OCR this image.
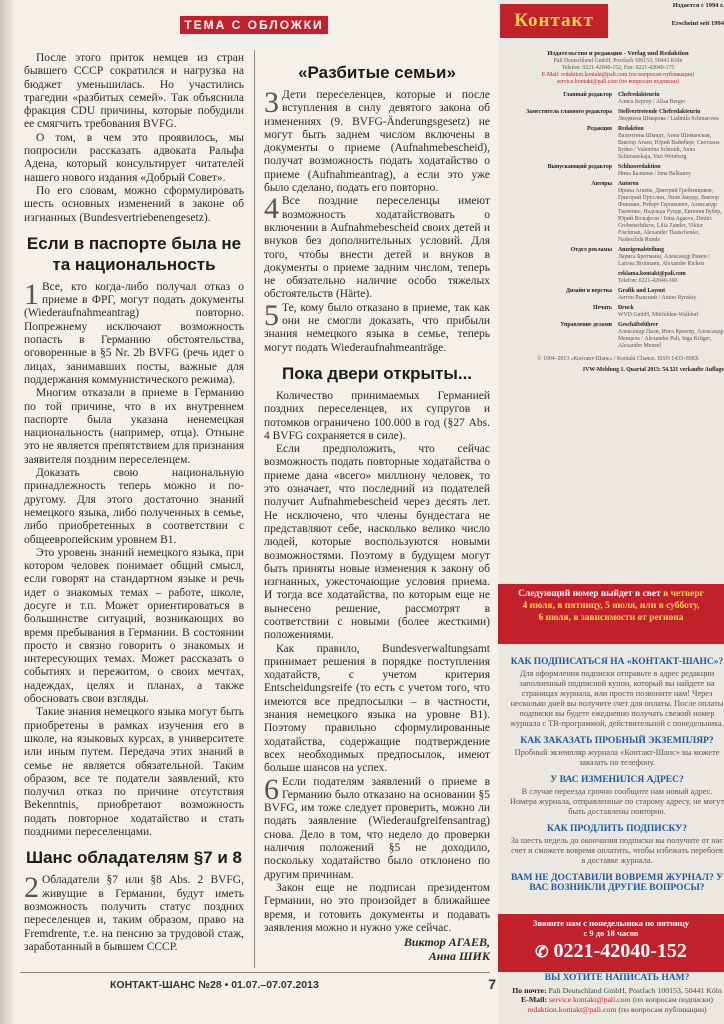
ТЕМА С ОБЛОЖКИ

После этого приток немцев из стран бывшего СССР сократился и нагрузка на бюджет уменьшилась. Но участились трагедии «разбитых семей». Так объяснила фракция CDU причины, которые побудили ее смягчить требования BVFG.

О том, в чем это проявилось, мы попросили рассказать адвоката Ральфа Адена, который консультирует читателей нашего нового издания «Добрый Совет».

По его словам, можно сформулировать шесть основных изменений в законе об изгнанных (Bundesvertriebenengesetz).

Если в паспорте была не та национальность

1 Все, кто когда-либо получал отказ о приеме в ФРГ, могут подать документы (Wiederaufnahmeantrag) повторно. Попрежнему исключают возможность попасть в Германию обстоятельства, оговоренные в §5 Nr. 2b BVFG (речь идет о лицах, занимавших посты, важные для поддержания коммунистического режима).

Многим отказали в приеме в Германию по той причине, что в их внутреннем паспорте была указана ненемецкая национальность (например, отца). Отныне это не является препятствием для признания заявителя поздним переселенцем.

Доказать свою национальную принадлежность теперь можно и по-другому. Для этого достаточно знаний немецкого языка, либо полученных в семье, либо приобретенных в соответствии с общеевропейским уровнем В1.

Это уровень знаний немецкого языка, при котором человек понимает общий смысл, если говорят на стандартном языке и речь идет о знакомых темах – работе, школе, досуге и т.п. Может ориентироваться в большинстве ситуаций, возникающих во время пребывания в Германии. В состоянии просто и связно говорить о знакомых и интересующих темах. Может рассказать о событиях и пережитом, о своих мечтах, надеждах, целях и планах, а также обосновать свои взгляды.

Такие знания немецкого языка могут быть приобретены в рамках изучения его в школе, на языковых курсах, в университете или иным путем. Передача этих знаний в семье не является обязательной. Таким образом, все те податели заявлений, кто получил отказ по причине отсутствия Bekenntnis, приобретают возможность подать повторное ходатайство и стать поздними переселенцами.

Шанс обладателям §7 и 8

2 Обладатели §7 или §8 Abs. 2 BVFG, живущие в Германии, будут иметь возможность получить статус поздних переселенцев и, таким образом, право на Fremdrente, т.е. на пенсию за трудовой стаж, заработанный в бывшем СССР.

«Разбитые семьи»

3 Дети переселенцев, которые и после вступления в силу девятого закона об изменениях (9. BVFG-Änderungsgesetz) не могут быть заднем числом включены в документы о приеме (Aufnahmebescheid), получат возможность подать ходатайство о приеме (Aufnahmeantrag), а если это уже было сделано, подать его повторно.

4 Все поздние переселенцы имеют возможность ходатайствовать о включении в Aufnahmebescheid своих детей и внуков без дополнительных условий. Для того, чтобы внести детей и внуков в документы о приеме задним числом, теперь не обязательно наличие особо тяжелых обстоятельств (Härte).

5 Те, кому было отказано в приеме, так как они не смогли доказать, что прибыли знания немецкого языка в семье, теперь могут подать Wiederaufnahmeanträge.

Пока двери открыты...

Количество принимаемых Германией поздних переселенцев, их супругов и потомков ограничено 100.000 в год (§27 Abs. 4 BVFG сохраняется в силе).

Если предположить, что сейчас возможность подать повторные ходатайства о приеме дана «всего» миллиону человек, то это означает, что последний из подателей получит Aufnahmebescheid через десять лет. Не исключено, что члены бундестага не представляют себе, насколько велико число людей, которые воспользуются новыми возможностями. Поэтому в будущем могут быть приняты новые изменения к закону об изгнанных, ужесточающие условия приема. И тогда все ходатайства, по которым еще не вынесено решение, рассмотрят в соответствии с новыми (более жесткими) положениями.

Как правило, Bundesverwaltungsamt принимает решения в порядке поступления ходатайств, с учетом критерия Entscheidungsreife (то есть с учетом того, что имеются все предпосылки – в частности, знания немецкого языка на уровне В1). Поэтому правильно сформулированные ходатайства, содержащие подтверждение всех необходимых предпосылок, имеют больше шансов на успех.

6 Если подателям заявлений о приеме в Германию было отказано на основании §5 BVFG, им тоже следует проверить, можно ли подать заявление (Wiederaufgreifensantrag) снова. Дело в том, что недело до проверки наличия положений §5 не доходило, поскольку ходатайство было отклонено по другим причинам.

Закон еще не подписан президентом Германии, но это произойдет в ближайшее время, и готовить документы и подавать заявления можно и нужно уже сейчас.

Виктор АГАЕВ,
Анна ШИК
КОНТАКТ-ШАНС №28 • 01.07.–07.07.2013	7
Контакт
Издается с 1994 г.
Erscheint seit 1994
Издательство и редакция - Verlag und Redaktion
Pali Deutschland GmbH, Postfach 100153, 50441 Köln
Telefon: 0221-42040-152, Fax: 0221-42040-175
E-Mail: redaktion.kontakt@pali.com (по вопросам публикации)
service.kontakt@pali.com (по вопросам подписки)
Главный редактор	Chefredakteurin
Алиса Бергер / Alisa Berger
Заместитель главного редактора	Stellvertretende Chefredakteurin
Людмила Шмарова / Ludmila Schmarowa
Редакция	Redaktion
Валентина Шмидт, Анна Шиманская, Виктор Агаев, Юрий Вайнберг, Светлана Буйко / Valentina Schmidt, Anna Schimanskaja, Yuri Weinberg
Выпускающий редактор	Schlussredaktion
Инна Балкани / Inna Balkaney
Авторы	Autoren
Ирина Агаева, Дмитрий Гребенщиков, Григорий Пруслин, Лиля Зандер, Виктор Фишман, Роберт Гершкович, Александр Ткаченко, Надежда Рунде, Евгения Бубер, Юрий Вольфсон / Irina Agaeva, Dmitri Grebenschikow, Lilia Zander, Viktor Fischman, Alexander Tkatschenko, Nadeschda Runde
Отдел рекламы	Anzeigenabteilung
Лариса Бротманн, Александр Рикен / Larissa Brotmann, Alexander Ricken
reklama.kontakt@pali.com
Telefon: 0221-42040-160
Дизайн и верстка	Grafik und Layout
Антон Рынский / Anton Rynskiy
Печать	Druck
WVD GmbH, Mörfelden-Walldorf
Управление делами	Geschäftsführer
Александр Пали, Инга Крюгер, Александр Менцель / Alexander Pali, Inga Krüger, Alexander Menzel
© 1994–2013 «Контакт-Шанс» / Kontakt Chance. ISSN 1433–898X
IVW-Meldung 1. Quartal 2013: 54.321 verkaufte Auflage
Следующий номер выйдет в свет в четверг
4 июля, в пятницу, 5 июля, или в субботу,
6 июля, в зависимости от региона
КАК ПОДПИСАТЬСЯ НА «КОНТАКТ-ШАНС»?

Для оформления подписки отправьте в адрес редакции заполненный подписной купон, который вы найдете на страницах журнала, или просто позвоните нам! Через несколько дней вы получите счет для оплаты. После оплаты подписки вы будете ежедневно получать свежий номер журнала с ТВ-программой, действительной с понедельника.

КАК ЗАКАЗАТЬ ПРОБНЫЙ ЭКЗЕМПЛЯР?

Пробный экземпляр журнала «Контакт-Шанс» вы можете заказать по телефону.

У ВАС ИЗМЕНИЛСЯ АДРЕС?

В случае переезда срочно сообщите нам новый адрес. Номера журнала, отправленные по старому адресу, не могут быть доставлены повторно.

КАК ПРОДЛИТЬ ПОДПИСКУ?

За шесть недель до окончания подписки вы получите от нас счет и сможете вовремя оплатить, чтобы избежать перебоев в доставке журнала.

ВАМ НЕ ДОСТАВИЛИ ВОВРЕМЯ ЖУРНАЛ? У ВАС ВОЗНИКЛИ ДРУГИЕ ВОПРОСЫ?
Звоните нам с понедельника по пятницу
с 9 до 18 часов
✆ 0221-42040-152
ВЫ ХОТИТЕ НАПИСАТЬ НАМ?
По почте: Pali Deutschland GmbH, Postfach 100153, 50441 Köln
E-Mail: service.kontakt@pali.com (по вопросам подписки)
redaktion.kontakt@pali.com (по вопросам публикации)
